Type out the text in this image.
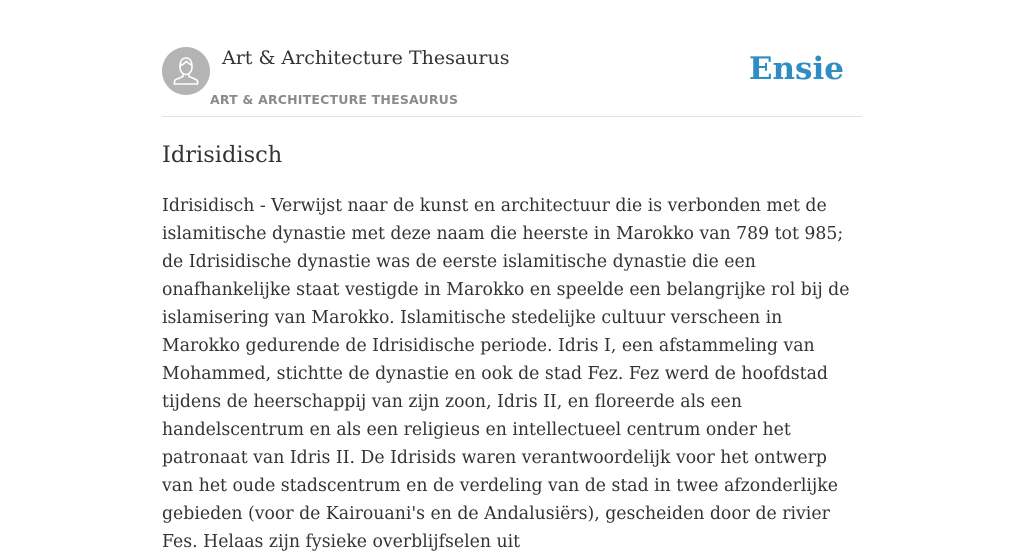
Art & Architecture Thesaurus
ART & ARCHITECTURE THESAURUS
Ensie
Idrisidisch

Idrisidisch - Verwijst naar de kunst en architectuur die is verbonden met de islamitische dynastie met deze naam die heerste in Marokko van 789 tot 985; de Idrisidische dynastie was de eerste islamitische dynastie die een onafhankelijke staat vestigde in Marokko en speelde een belangrijke rol bij de islamisering van Marokko. Islamitische stedelijke cultuur verscheen in Marokko gedurende de Idrisidische periode. Idris I, een afstammeling van Mohammed, stichtte de dynastie en ook de stad Fez. Fez werd de hoofdstad tijdens de heerschappij van zijn zoon, Idris II, en floreerde als een handelscentrum en als een religieus en intellectueel centrum onder het patronaat van Idris II. De Idrisids waren verantwoordelijk voor het ontwerp van het oude stadscentrum en de verdeling van de stad in twee afzonderlijke gebieden (voor de Kairouani's en de Andalusiërs), gescheiden door de rivier Fes. Helaas zijn fysieke overblijfselen uit
